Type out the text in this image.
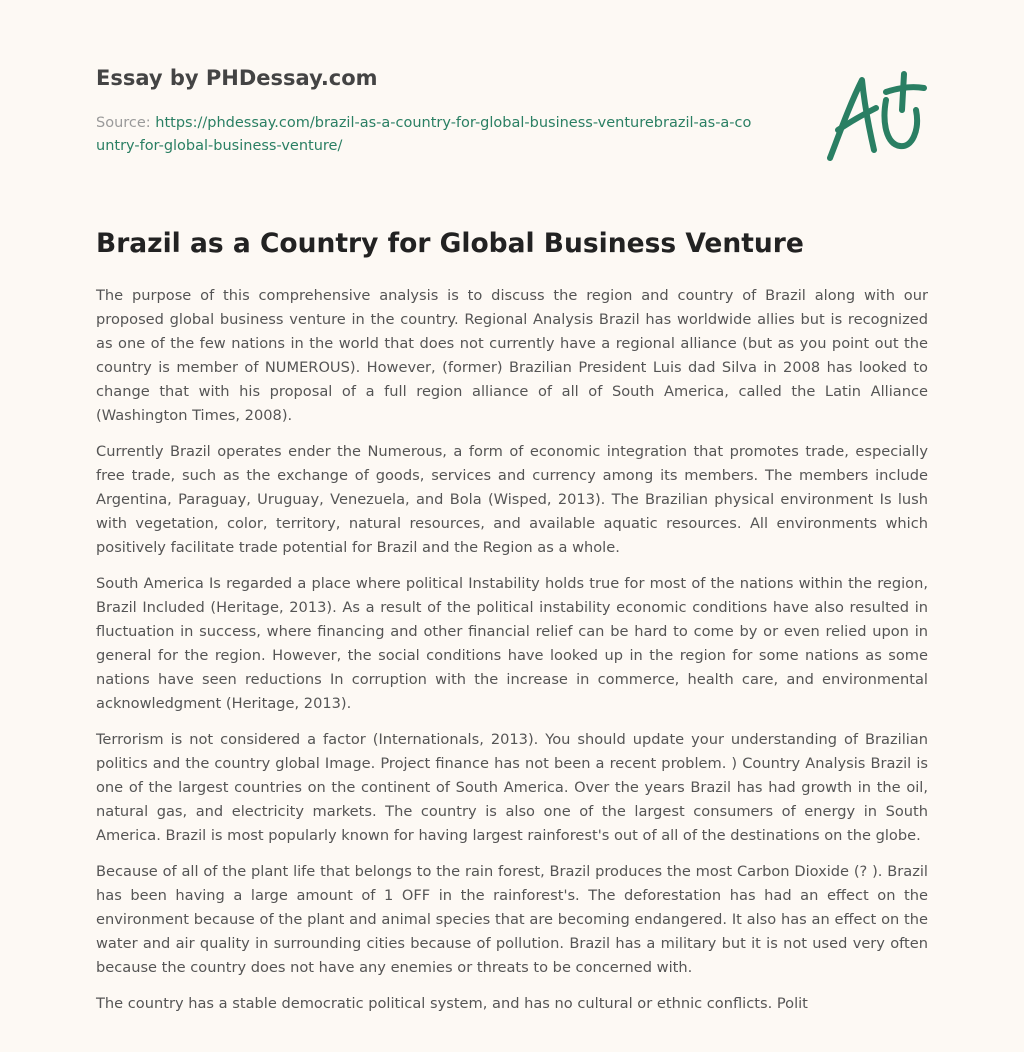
Essay by PHDessay.com
Source: https://phdessay.com/brazil-as-a-country-for-global-business-venturebrazil-as-a-country-for-global-business-venture/
Brazil as a Country for Global Business Venture

The purpose of this comprehensive analysis is to discuss the region and country of Brazil along with our proposed global business venture in the country. Regional Analysis Brazil has worldwide allies but is recognized as one of the few nations in the world that does not currently have a regional alliance (but as you point out the country is member of NUMEROUS). However, (former) Brazilian President Luis dad Silva in 2008 has looked to change that with his proposal of a full region alliance of all of South America, called the Latin Alliance (Washington Times, 2008).

Currently Brazil operates ender the Numerous, a form of economic integration that promotes trade, especially free trade, such as the exchange of goods, services and currency among its members. The members include Argentina, Paraguay, Uruguay, Venezuela, and Bola (Wisped, 2013). The Brazilian physical environment Is lush with vegetation, color, territory, natural resources, and available aquatic resources. All environments which positively facilitate trade potential for Brazil and the Region as a whole.

South America Is regarded a place where political Instability holds true for most of the nations within the region, Brazil Included (Heritage, 2013). As a result of the political instability economic conditions have also resulted in fluctuation in success, where financing and other financial relief can be hard to come by or even relied upon in general for the region. However, the social conditions have looked up in the region for some nations as some nations have seen reductions In corruption with the increase in commerce, health care, and environmental acknowledgment (Heritage, 2013).

Terrorism is not considered a factor (Internationals, 2013). You should update your understanding of Brazilian politics and the country global Image. Project finance has not been a recent problem. ) Country Analysis Brazil is one of the largest countries on the continent of South America. Over the years Brazil has had growth in the oil, natural gas, and electricity markets. The country is also one of the largest consumers of energy in South America. Brazil is most popularly known for having largest rainforest's out of all of the destinations on the globe.

Because of all of the plant life that belongs to the rain forest, Brazil produces the most Carbon Dioxide (? ). Brazil has been having a large amount of 1 OFF in the rainforest's. The deforestation has had an effect on the environment because of the plant and animal species that are becoming endangered. It also has an effect on the water and air quality in surrounding cities because of pollution. Brazil has a military but it is not used very often because the country does not have any enemies or threats to be concerned with.

The country has a stable democratic political system, and has no cultural or ethnic conflicts. Polit
